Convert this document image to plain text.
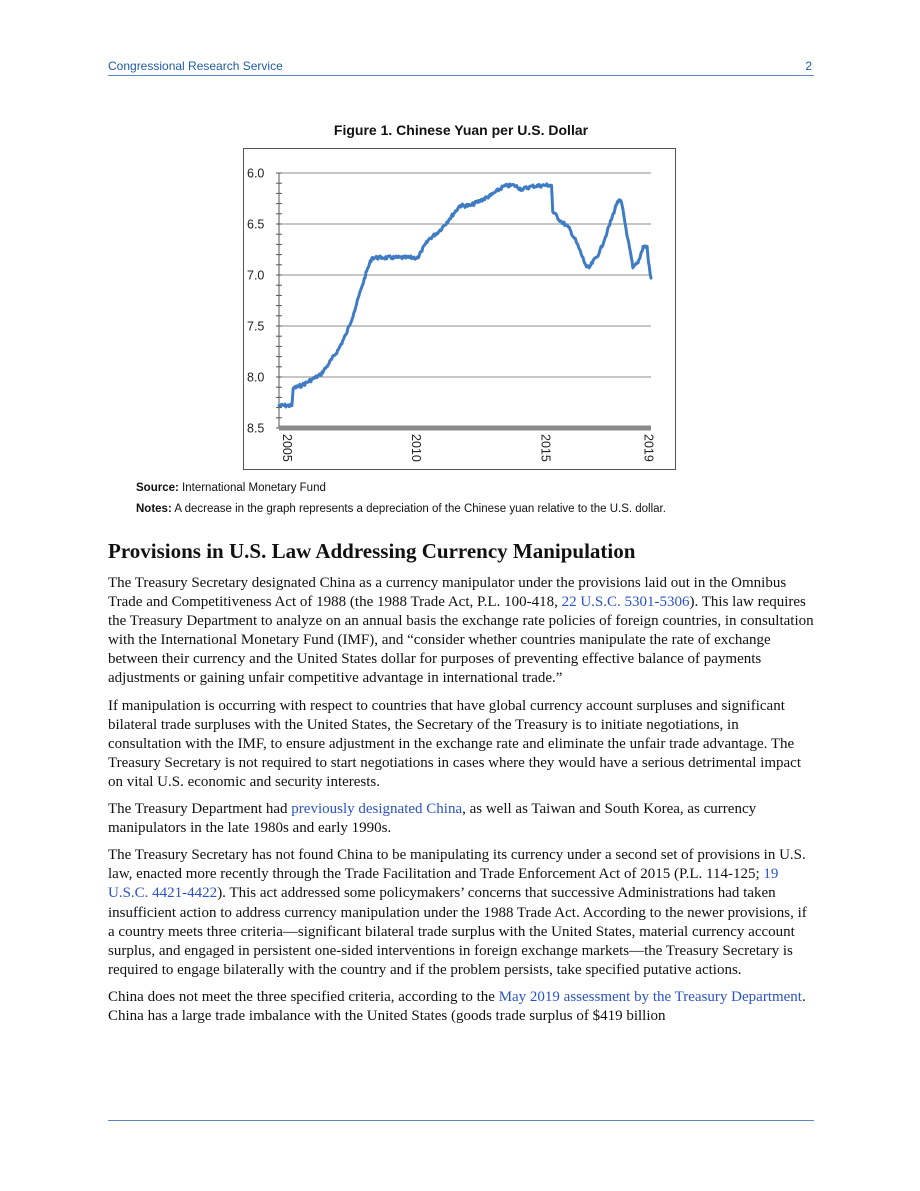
Congressional Research Service	2
Figure 1. Chinese Yuan per U.S. Dollar
6.0
6.5
7.0
7.5
8.0
8.5
2005	2010	2015	2019
Source: International Monetary Fund
Notes: A decrease in the graph represents a depreciation of the Chinese yuan relative to the U.S. dollar.
Provisions in U.S. Law Addressing Currency Manipulation

The Treasury Secretary designated China as a currency manipulator under the provisions laid out in the Omnibus Trade and Competitiveness Act of 1988 (the 1988 Trade Act, P.L. 100-418, 22 U.S.C. 5301-5306). This law requires the Treasury Department to analyze on an annual basis the exchange rate policies of foreign countries, in consultation with the International Monetary Fund (IMF), and “consider whether countries manipulate the rate of exchange between their currency and the United States dollar for purposes of preventing effective balance of payments adjustments or gaining unfair competitive advantage in international trade.”

If manipulation is occurring with respect to countries that have global currency account surpluses and significant bilateral trade surpluses with the United States, the Secretary of the Treasury is to initiate negotiations, in consultation with the IMF, to ensure adjustment in the exchange rate and eliminate the unfair trade advantage. The Treasury Secretary is not required to start negotiations in cases where they would have a serious detrimental impact on vital U.S. economic and security interests.

The Treasury Department had previously designated China, as well as Taiwan and South Korea, as currency manipulators in the late 1980s and early 1990s.

The Treasury Secretary has not found China to be manipulating its currency under a second set of provisions in U.S. law, enacted more recently through the Trade Facilitation and Trade Enforcement Act of 2015 (P.L. 114-125; 19 U.S.C. 4421-4422). This act addressed some policymakers’ concerns that successive Administrations had taken insufficient action to address currency manipulation under the 1988 Trade Act. According to the newer provisions, if a country meets three criteria—significant bilateral trade surplus with the United States, material currency account surplus, and engaged in persistent one-sided interventions in foreign exchange markets—the Treasury Secretary is required to engage bilaterally with the country and if the problem persists, take specified putative actions.

China does not meet the three specified criteria, according to the May 2019 assessment by the Treasury Department. China has a large trade imbalance with the United States (goods trade surplus of $419 billion
